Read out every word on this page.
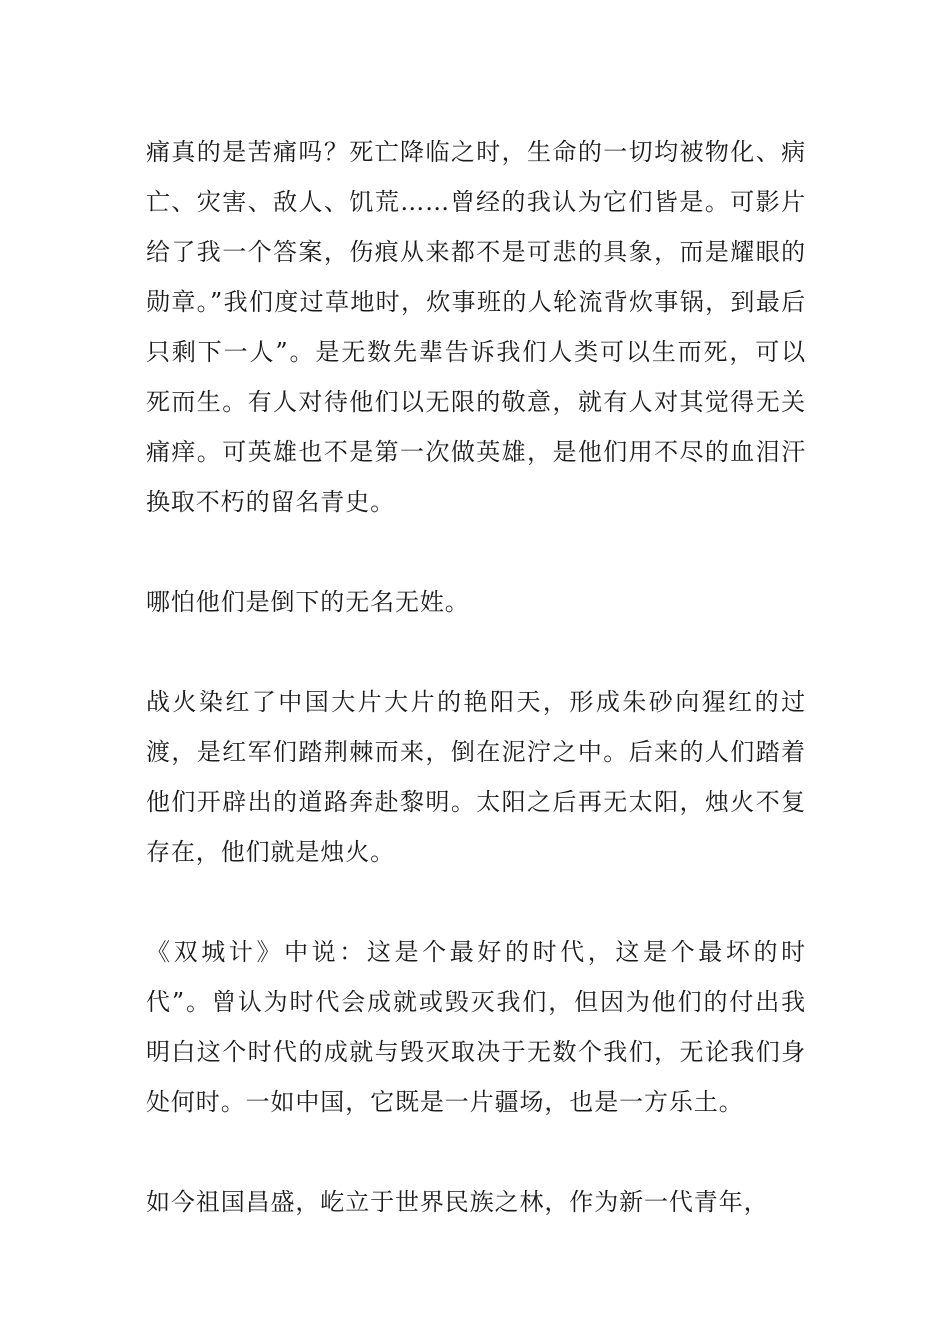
痛真的是苦痛吗？死亡降临之时，生命的一切均被物化、病亡、灾害、敌人、饥荒……曾经的我认为它们皆是。可影片给了我一个答案，伤痕从来都不是可悲的具象，而是耀眼的勋章。”我们度过草地时，炊事班的人轮流背炊事锅，到最后只剩下一人”。是无数先辈告诉我们人类可以生而死，可以死而生。有人对待他们以无限的敬意，就有人对其觉得无关痛痒。可英雄也不是第一次做英雄，是他们用不尽的血泪汗换取不朽的留名青史。

哪怕他们是倒下的无名无姓。

战火染红了中国大片大片的艳阳天，形成朱砂向猩红的过渡，是红军们踏荆棘而来，倒在泥泞之中。后来的人们踏着他们开辟出的道路奔赴黎明。太阳之后再无太阳，烛火不复存在，他们就是烛火。

《双城计》中说：这是个最好的时代，这是个最坏的时代”。曾认为时代会成就或毁灭我们，但因为他们的付出我明白这个时代的成就与毁灭取决于无数个我们，无论我们身处何时。一如中国，它既是一片疆场，也是一方乐土。

如今祖国昌盛，屹立于世界民族之林，作为新一代青年，
